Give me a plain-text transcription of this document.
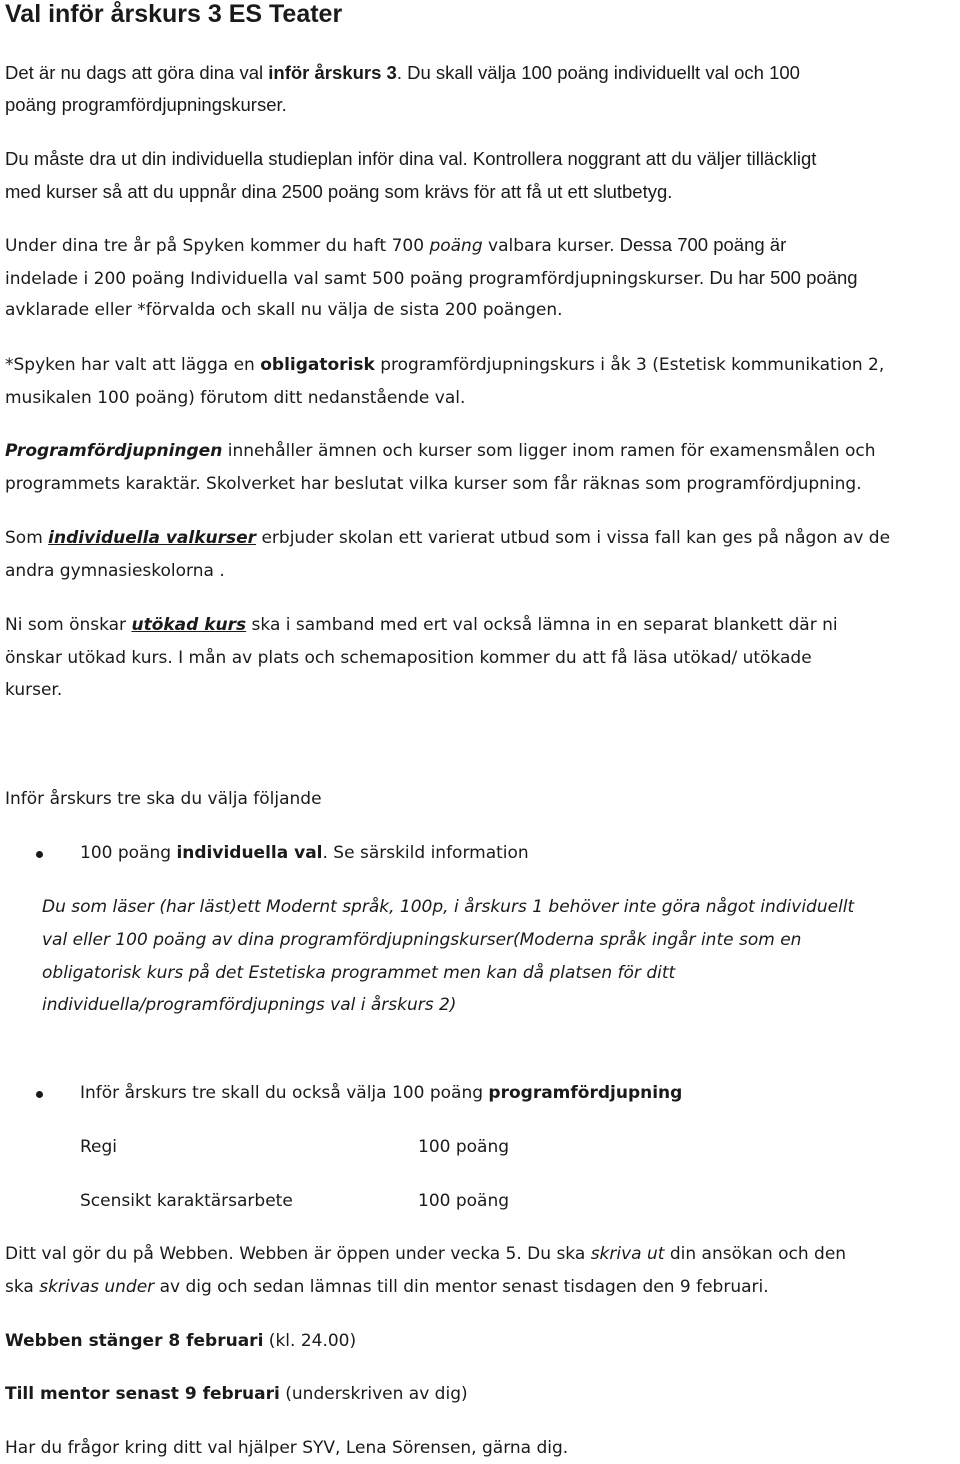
Val inför årskurs 3 ES Teater

Det är nu dags att göra dina val inför årskurs 3. Du skall välja 100 poäng individuellt val och 100

poäng programfördjupningskurser.

Du måste dra ut din individuella studieplan inför dina val. Kontrollera noggrant att du väljer tilläckligt

med kurser så att du uppnår dina 2500 poäng som krävs för att få ut ett slutbetyg.

Under dina tre år på Spyken kommer du haft 700 poäng valbara kurser. Dessa 700 poäng är

indelade i 200 poäng Individuella val samt 500 poäng programfördjupningskurser. Du har 500 poäng

avklarade eller *förvalda och skall nu välja de sista 200 poängen.

*Spyken har valt att lägga en obligatorisk programfördjupningskurs i åk 3 (Estetisk kommunikation 2,

musikalen 100 poäng) förutom ditt nedanstående val.

Programfördjupningen innehåller ämnen och kurser som ligger inom ramen för examensmålen och

programmets karaktär. Skolverket har beslutat vilka kurser som får räknas som programfördjupning.

Som individuella valkurser erbjuder skolan ett varierat utbud som i vissa fall kan ges på någon av de

andra gymnasieskolorna .

Ni som önskar utökad kurs ska i samband med ert val också lämna in en separat blankett där ni

önskar utökad kurs. I mån av plats och schemaposition kommer du att få läsa utökad/ utökade

kurser.

Inför årskurs tre ska du välja följande

100 poäng individuella val. Se särskild information

Du som läser (har läst)ett Modernt språk, 100p, i årskurs 1 behöver inte göra något individuellt

val eller 100 poäng av dina programfördjupningskurser(Moderna språk ingår inte som en

obligatorisk kurs på det Estetiska programmet men kan då platsen för ditt

individuella/programfördjupnings val i årskurs 2)

Inför årskurs tre skall du också välja 100 poäng programfördjupning

Regi	100 poäng

Scensikt karaktärsarbete	100 poäng

Ditt val gör du på Webben. Webben är öppen under vecka 5. Du ska skriva ut din ansökan och den

ska skrivas under av dig och sedan lämnas till din mentor senast tisdagen den 9 februari.

Webben stänger 8 februari (kl. 24.00)

Till mentor senast 9 februari (underskriven av dig)

Har du frågor kring ditt val hjälper SYV, Lena Sörensen, gärna dig.
